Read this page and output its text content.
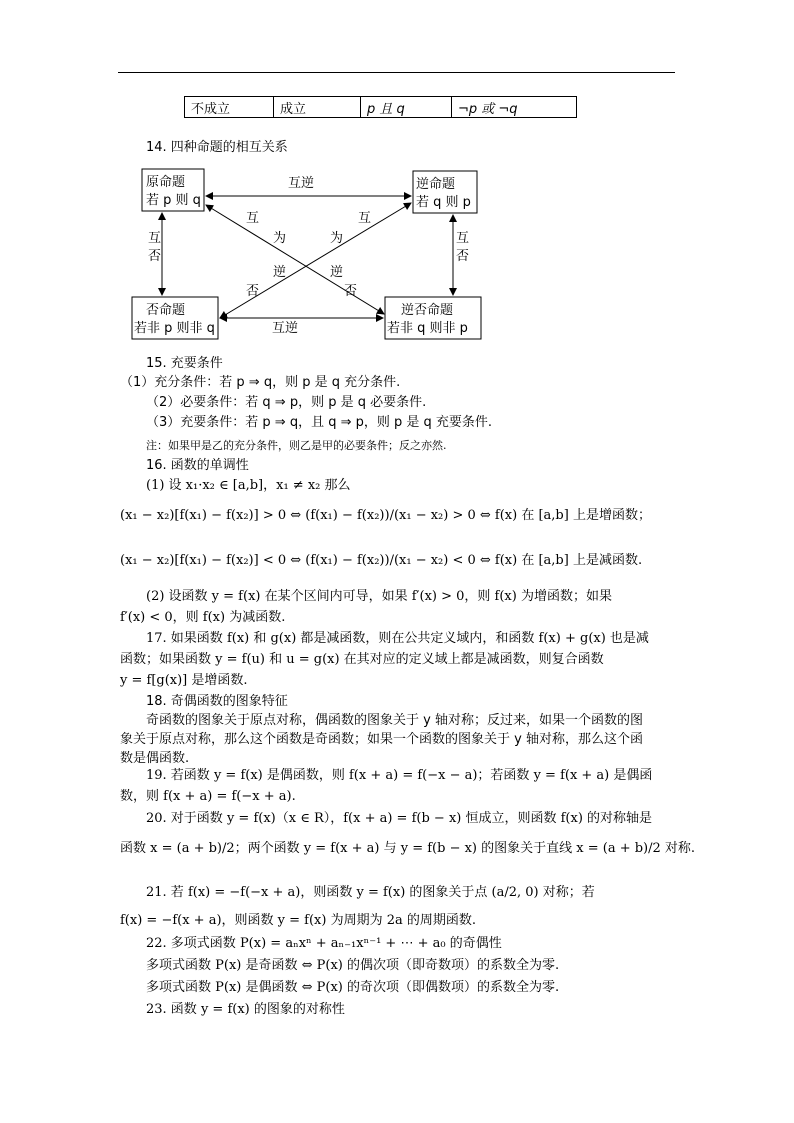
不成立	成立	p 且 q	¬p 或 ¬q
14. 四种命题的相互关系
原命题
若 p 则 q
逆命题
若 q 则 p
否命题
若非 p 则非 q
逆否命题
若非 q 则非 p
互逆
互逆
互
否
互
否
互
为
逆
否
互
为
逆
否
15. 充要条件
（1）充分条件：若 p ⇒ q，则 p 是 q 充分条件.
（2）必要条件：若 q ⇒ p，则 p 是 q 必要条件.
（3）充要条件：若 p ⇒ q，且 q ⇒ p，则 p 是 q 充要条件.
注：如果甲是乙的充分条件，则乙是甲的必要条件；反之亦然.
16. 函数的单调性
(1) 设 x₁·x₂ ∈ [a,b]，x₁ ≠ x₂ 那么
(x₁ − x₂)[f(x₁) − f(x₂)] > 0 ⇔ (f(x₁) − f(x₂))/(x₁ − x₂) > 0 ⇔ f(x) 在 [a,b] 上是增函数；
(x₁ − x₂)[f(x₁) − f(x₂)] < 0 ⇔ (f(x₁) − f(x₂))/(x₁ − x₂) < 0 ⇔ f(x) 在 [a,b] 上是减函数.
(2) 设函数 y = f(x) 在某个区间内可导，如果 f′(x) > 0，则 f(x) 为增函数；如果
f′(x) < 0，则 f(x) 为减函数.
17. 如果函数 f(x) 和 g(x) 都是减函数，则在公共定义域内，和函数 f(x) + g(x) 也是减
函数；如果函数 y = f(u) 和 u = g(x) 在其对应的定义域上都是减函数，则复合函数
y = f[g(x)] 是增函数.
18. 奇偶函数的图象特征
奇函数的图象关于原点对称，偶函数的图象关于 y 轴对称；反过来，如果一个函数的图
象关于原点对称，那么这个函数是奇函数；如果一个函数的图象关于 y 轴对称，那么这个函
数是偶函数.
19. 若函数 y = f(x) 是偶函数，则 f(x + a) = f(−x − a)；若函数 y = f(x + a) 是偶函
数，则 f(x + a) = f(−x + a).
20. 对于函数 y = f(x)（x ∈ R），f(x + a) = f(b − x) 恒成立，则函数 f(x) 的对称轴是
函数 x = (a + b)/2；两个函数 y = f(x + a) 与 y = f(b − x) 的图象关于直线 x = (a + b)/2 对称.
21. 若 f(x) = −f(−x + a)，则函数 y = f(x) 的图象关于点 (a/2, 0) 对称；若
f(x) = −f(x + a)，则函数 y = f(x) 为周期为 2a 的周期函数.
22. 多项式函数 P(x) = aₙxⁿ + aₙ₋₁xⁿ⁻¹ + ⋯ + a₀ 的奇偶性
多项式函数 P(x) 是奇函数 ⇔ P(x) 的偶次项（即奇数项）的系数全为零.
多项式函数 P(x) 是偶函数 ⇔ P(x) 的奇次项（即偶数项）的系数全为零.
23. 函数 y = f(x) 的图象的对称性
